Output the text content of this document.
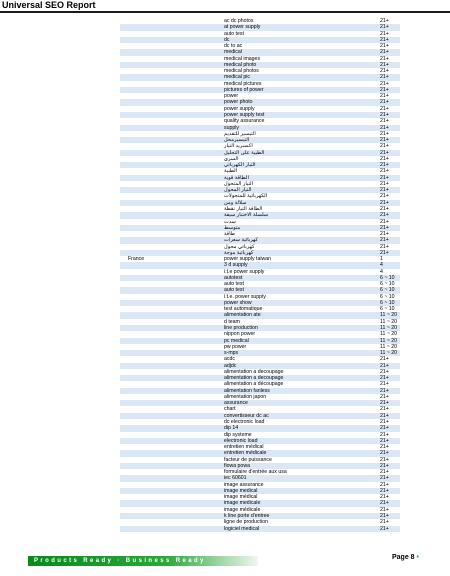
Universal SEO Report
ac dc photos	21+
at power supply	21+
auto test	21+
dc	21+
dc to ac	21+
medical	21+
medical images	21+
medical photo	21+
medical photos	21+
medical pic	21+
medical pictures	21+
pictures of power	21+
power	21+
power photo	21+
power supply	21+
power supply test	21+
quality assurance	21+
supply	21+
التيسير للتقديم	21+
التيسيرمحل	21+
اكسبريد التيار	21+
الطبية على التحليل	21+
السري	21+
التيار الكهربائي	21+
الطبية	21+
الطاقة قوية	21+
التيار المتحول	21+
التيار المحول	21+
الكهربائية للمتحولات	21+
سلالة ومن	21+
الطاقة التيار نقطة	21+
سلسلة الاختبار سيقة	21+
سدت	21+
متوسط	21+
طاقة	21+
كهربائية سعرات	21+
كهربائي محول	21+
كهربائية موجة	21+
France	power supply taiwan	1
3 d supply	4
i.t.e power supply	4
autotest	6 ~ 10
auto test	6 ~ 10
auto test	6 ~ 10
i.t.e. power supply	6 ~ 10
power show	6 ~ 10
test automatique	6 ~ 10
alimentation ate	11 ~ 20
d team	11 ~ 20
line production	11 ~ 20
nippon power	11 ~ 20
pc medical	11 ~ 20
pw power	11 ~ 20
s-mps	11 ~ 20
acdc	21+
adjdc	21+
alimentation a decoupage	21+
alimentation a decoupage	21+
alimentation a découpage	21+
alimentation fanless	21+
alimentation japon	21+
assurance	21+
chart	21+
convertisseur dc ac	21+
dc electronic load	21+
dip 14	21+
dip systeme	21+
electronic load	21+
entretien médical	21+
entretien médicale	21+
facteur de puissance	21+
fiowa powa	21+
formulaire d'entrée aux usa	21+
iec 60601	21+
image assurance	21+
image medical	21+
image médical	21+
image medicale	21+
image médicale	21+
k line porte d'entree	21+
ligne de production	21+
logiciel medical	21+
Products Ready · Business Ready	Page 8 •
